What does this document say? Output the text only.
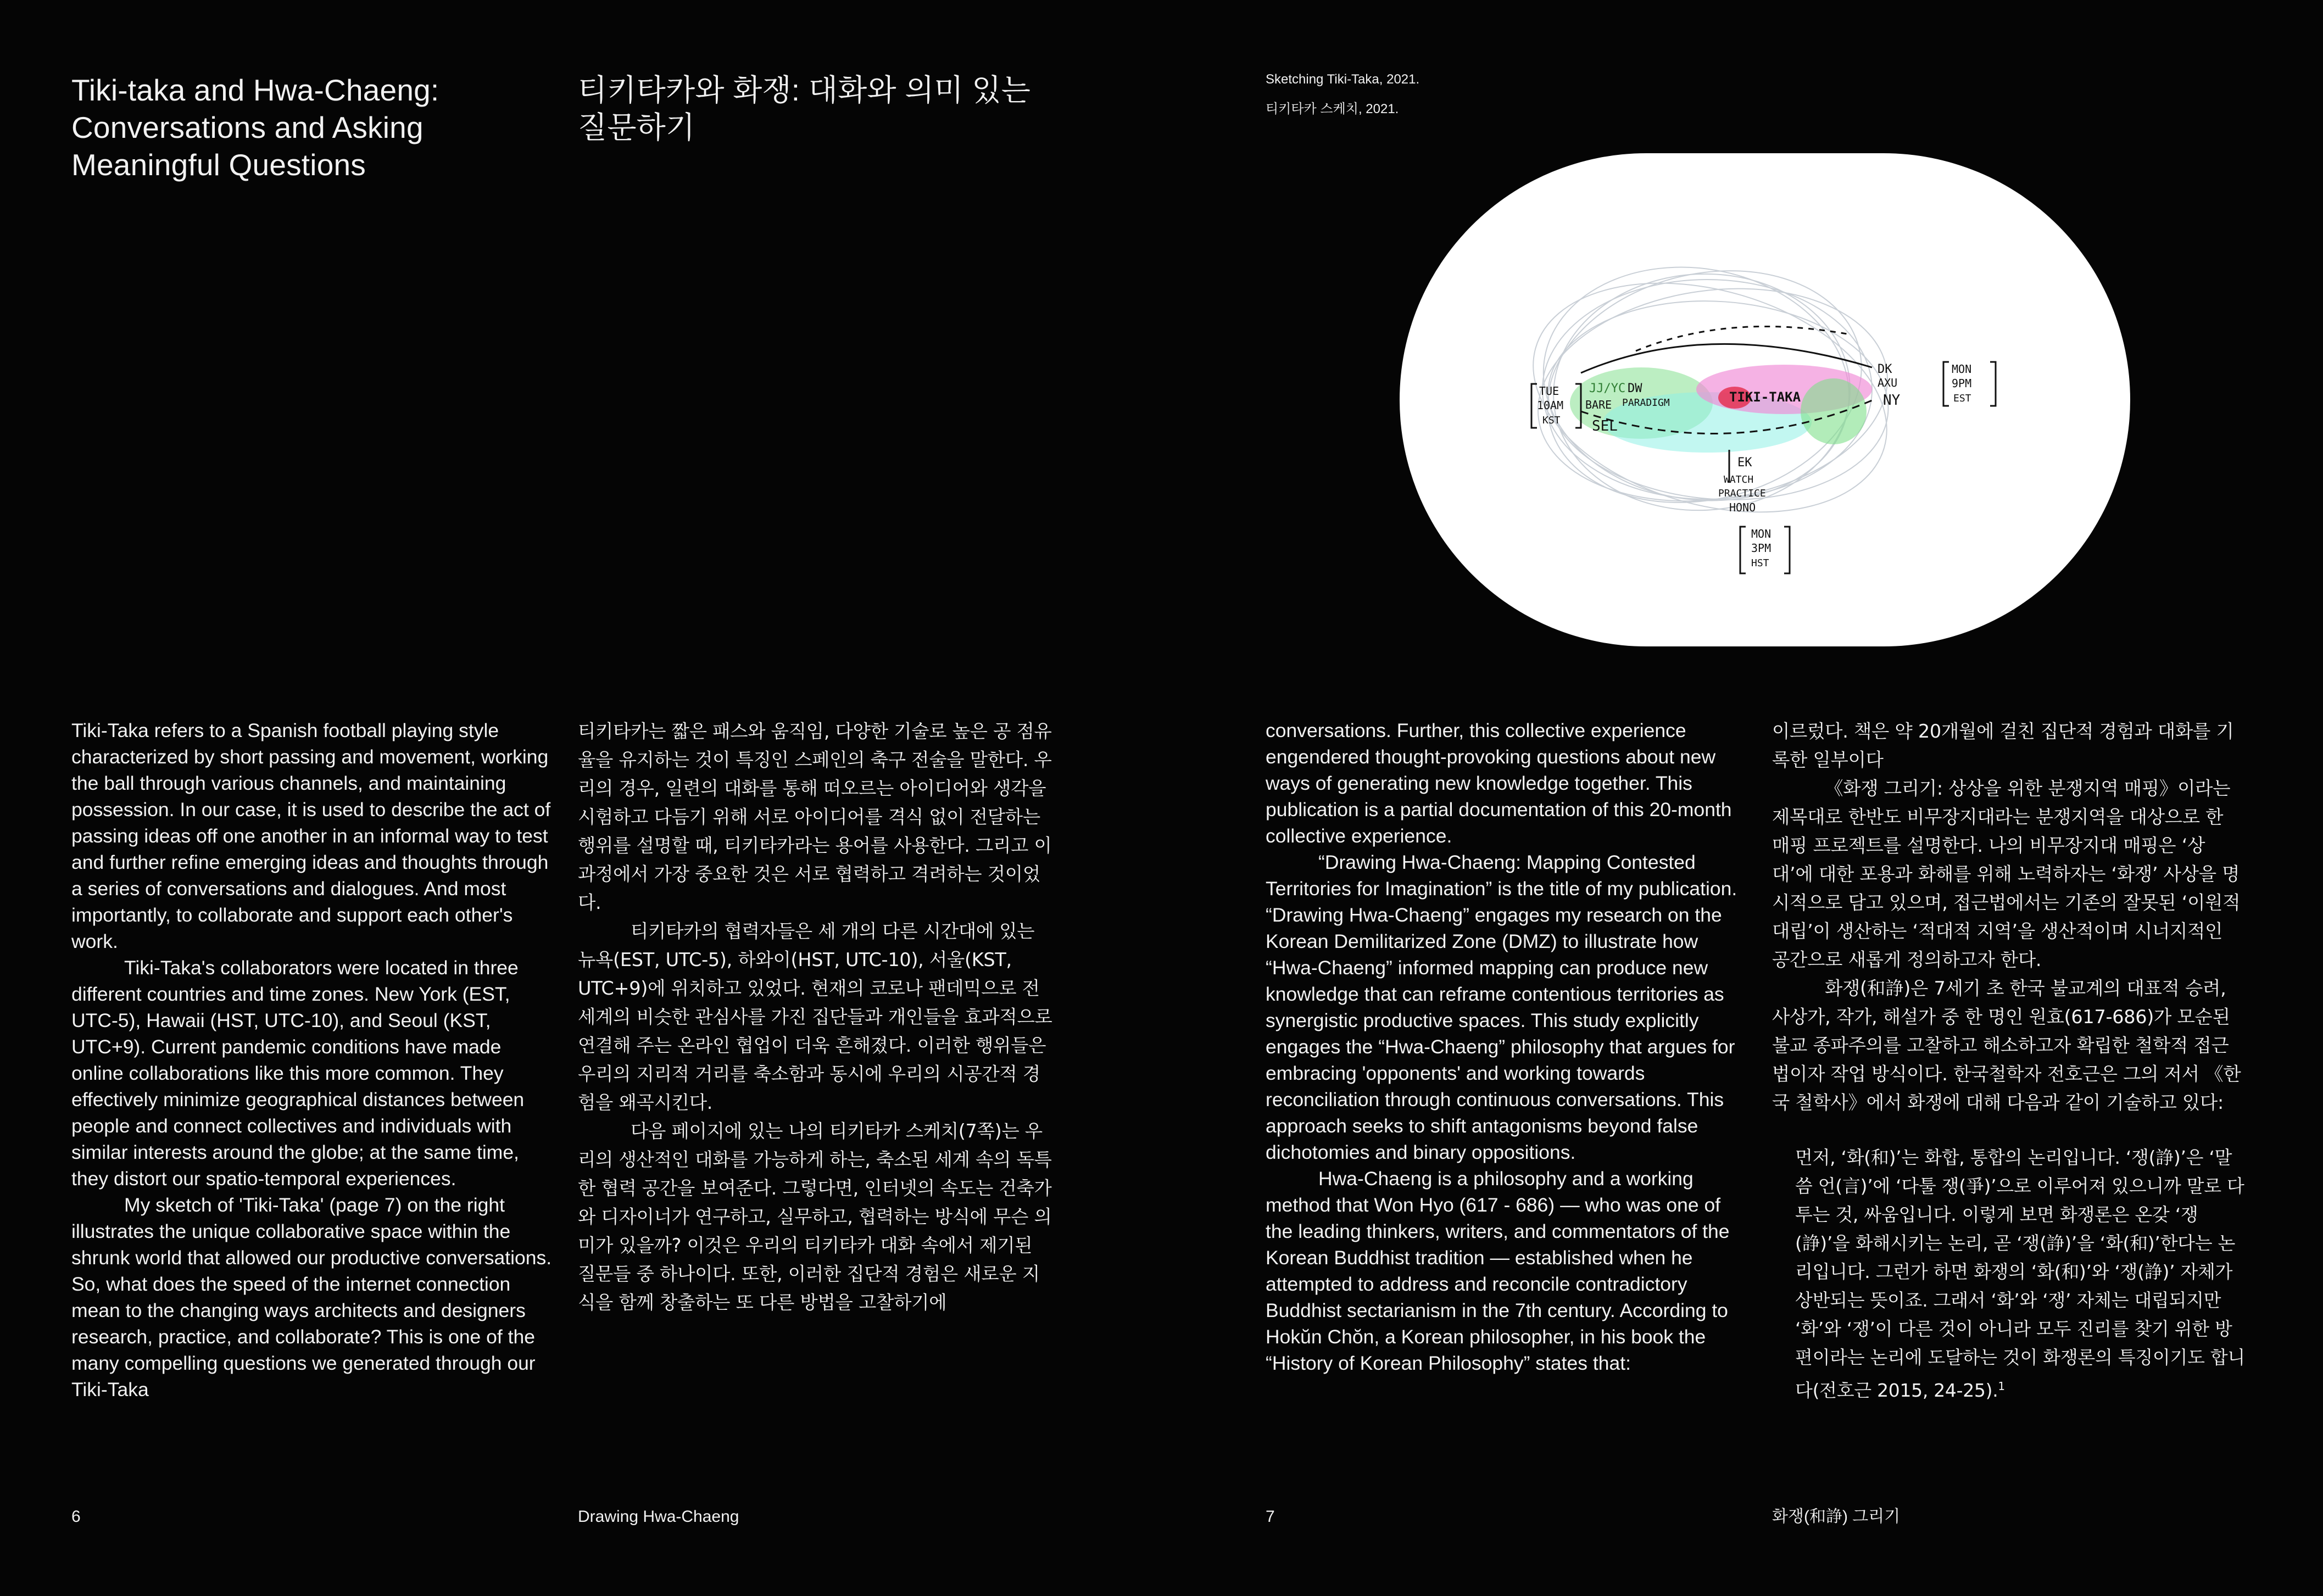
Tiki-taka and Hwa-Chaeng: Conversations and Asking Meaningful Questions
티키타카와 화쟁: 대화와 의미 있는 질문하기

Tiki-Taka refers to a Spanish football playing style characterized by short passing and movement, working the ball through various channels, and maintaining possession. In our case, it is used to describe the act of passing ideas off one another in an informal way to test and further refine emerging ideas and thoughts through a series of conversations and dialogues. And most importantly, to collaborate and support each other's work.

Tiki-Taka's collaborators were located in three different countries and time zones. New York (EST, UTC-5), Hawaii (HST, UTC-10), and Seoul (KST, UTC+9). Current pandemic conditions have made online collaborations like this more common. They effectively minimize geographical distances between people and connect collectives and individuals with similar interests around the globe; at the same time, they distort our spatio-temporal experiences.

My sketch of 'Tiki-Taka' (page 7) on the right illustrates the unique collaborative space within the shrunk world that allowed our productive conversations. So, what does the speed of the internet connection mean to the changing ways architects and designers research, practice, and collaborate? This is one of the many compelling questions we generated through our Tiki-Taka

티키타카는 짧은 패스와 움직임, 다양한 기술로 높은 공 점유율을 유지하는 것이 특징인 스페인의 축구 전술을 말한다. 우리의 경우, 일련의 대화를 통해 떠오르는 아이디어와 생각을 시험하고 다듬기 위해 서로 아이디어를 격식 없이 전달하는 행위를 설명할 때, 티키타카라는 용어를 사용한다. 그리고 이 과정에서 가장 중요한 것은 서로 협력하고 격려하는 것이었다.

티키타카의 협력자들은 세 개의 다른 시간대에 있는 뉴욕(EST, UTC-5), 하와이(HST, UTC-10), 서울(KST, UTC+9)에 위치하고 있었다. 현재의 코로나 팬데믹으로 전 세계의 비슷한 관심사를 가진 집단들과 개인들을 효과적으로 연결해 주는 온라인 협업이 더욱 흔해졌다. 이러한 행위들은 우리의 지리적 거리를 축소함과 동시에 우리의 시공간적 경험을 왜곡시킨다.

다음 페이지에 있는 나의 티키타카 스케치(7쪽)는 우리의 생산적인 대화를 가능하게 하는, 축소된 세계 속의 독특한 협력 공간을 보여준다. 그렇다면, 인터넷의 속도는 건축가와 디자이너가 연구하고, 실무하고, 협력하는 방식에 무슨 의미가 있을까? 이것은 우리의 티키타카 대화 속에서 제기된 질문들 중 하나이다. 또한, 이러한 집단적 경험은 새로운 지식을 함께 창출하는 또 다른 방법을 고찰하기에

6	Drawing Hwa-Chaeng

Sketching Tiki-Taka, 2021.

티키타카 스케치, 2021.

TUE
10AM
KST
JJ/YC DW
BARE PARADIGM
SEL
TIKI-TAKA
DK
AXU
NY
MON
9PM
EST
EK
WATCH
PRACTICE
HONO
MON
3PM
HST

conversations. Further, this collective experience engendered thought-provoking questions about new ways of generating new knowledge together. This publication is a partial documentation of this 20-month collective experience.

“Drawing Hwa-Chaeng: Mapping Contested Territories for Imagination” is the title of my publication. “Drawing Hwa-Chaeng” engages my research on the Korean Demilitarized Zone (DMZ) to illustrate how “Hwa-Chaeng” informed mapping can produce new knowledge that can reframe contentious territories as synergistic productive spaces. This study explicitly engages the “Hwa-Chaeng” philosophy that argues for embracing 'opponents' and working towards reconciliation through continuous conversations. This approach seeks to shift antagonisms beyond false dichotomies and binary oppositions.

Hwa-Chaeng is a philosophy and a working method that Won Hyo (617 - 686) — who was one of the leading thinkers, writers, and commentators of the Korean Buddhist tradition — established when he attempted to address and reconcile contradictory Buddhist sectarianism in the 7th century. According to Hokŭn Chŏn, a Korean philosopher, in his book the “History of Korean Philosophy” states that:

이르렀다. 책은 약 20개월에 걸친 집단적 경험과 대화를 기록한 일부이다

《화쟁 그리기: 상상을 위한 분쟁지역 매핑》이라는 제목대로 한반도 비무장지대라는 분쟁지역을 대상으로 한 매핑 프로젝트를 설명한다. 나의 비무장지대 매핑은 ‘상대’에 대한 포용과 화해를 위해 노력하자는 ‘화쟁’ 사상을 명시적으로 담고 있으며, 접근법에서는 기존의 잘못된 ‘이원적 대립’이 생산하는 ‘적대적 지역’을 생산적이며 시너지적인 공간으로 새롭게 정의하고자 한다.

화쟁(和諍)은 7세기 초 한국 불교계의 대표적 승려, 사상가, 작가, 해설가 중 한 명인 원효(617-686)가 모순된 불교 종파주의를 고찰하고 해소하고자 확립한 철학적 접근법이자 작업 방식이다. 한국철학자 전호근은 그의 저서 《한국 철학사》에서 화쟁에 대해 다음과 같이 기술하고 있다:

먼저, ‘화(和)’는 화합, 통합의 논리입니다. ‘쟁(諍)’은 ‘말씀 언(言)’에 ‘다툴 쟁(爭)’으로 이루어져 있으니까 말로 다투는 것, 싸움입니다. 이렇게 보면 화쟁론은 온갖 ‘쟁(諍)’을 화해시키는 논리, 곧 ‘쟁(諍)’을 ‘화(和)’한다는 논리입니다. 그런가 하면 화쟁의 ‘화(和)’와 ‘쟁(諍)’ 자체가 상반되는 뜻이죠. 그래서 ‘화’와 ‘쟁’ 자체는 대립되지만 ‘화’와 ‘쟁’이 다른 것이 아니라 모두 진리를 찾기 위한 방편이라는 논리에 도달하는 것이 화쟁론의 특징이기도 합니다(전호근 2015, 24-25).$^1$

7	화쟁(和諍) 그리기
